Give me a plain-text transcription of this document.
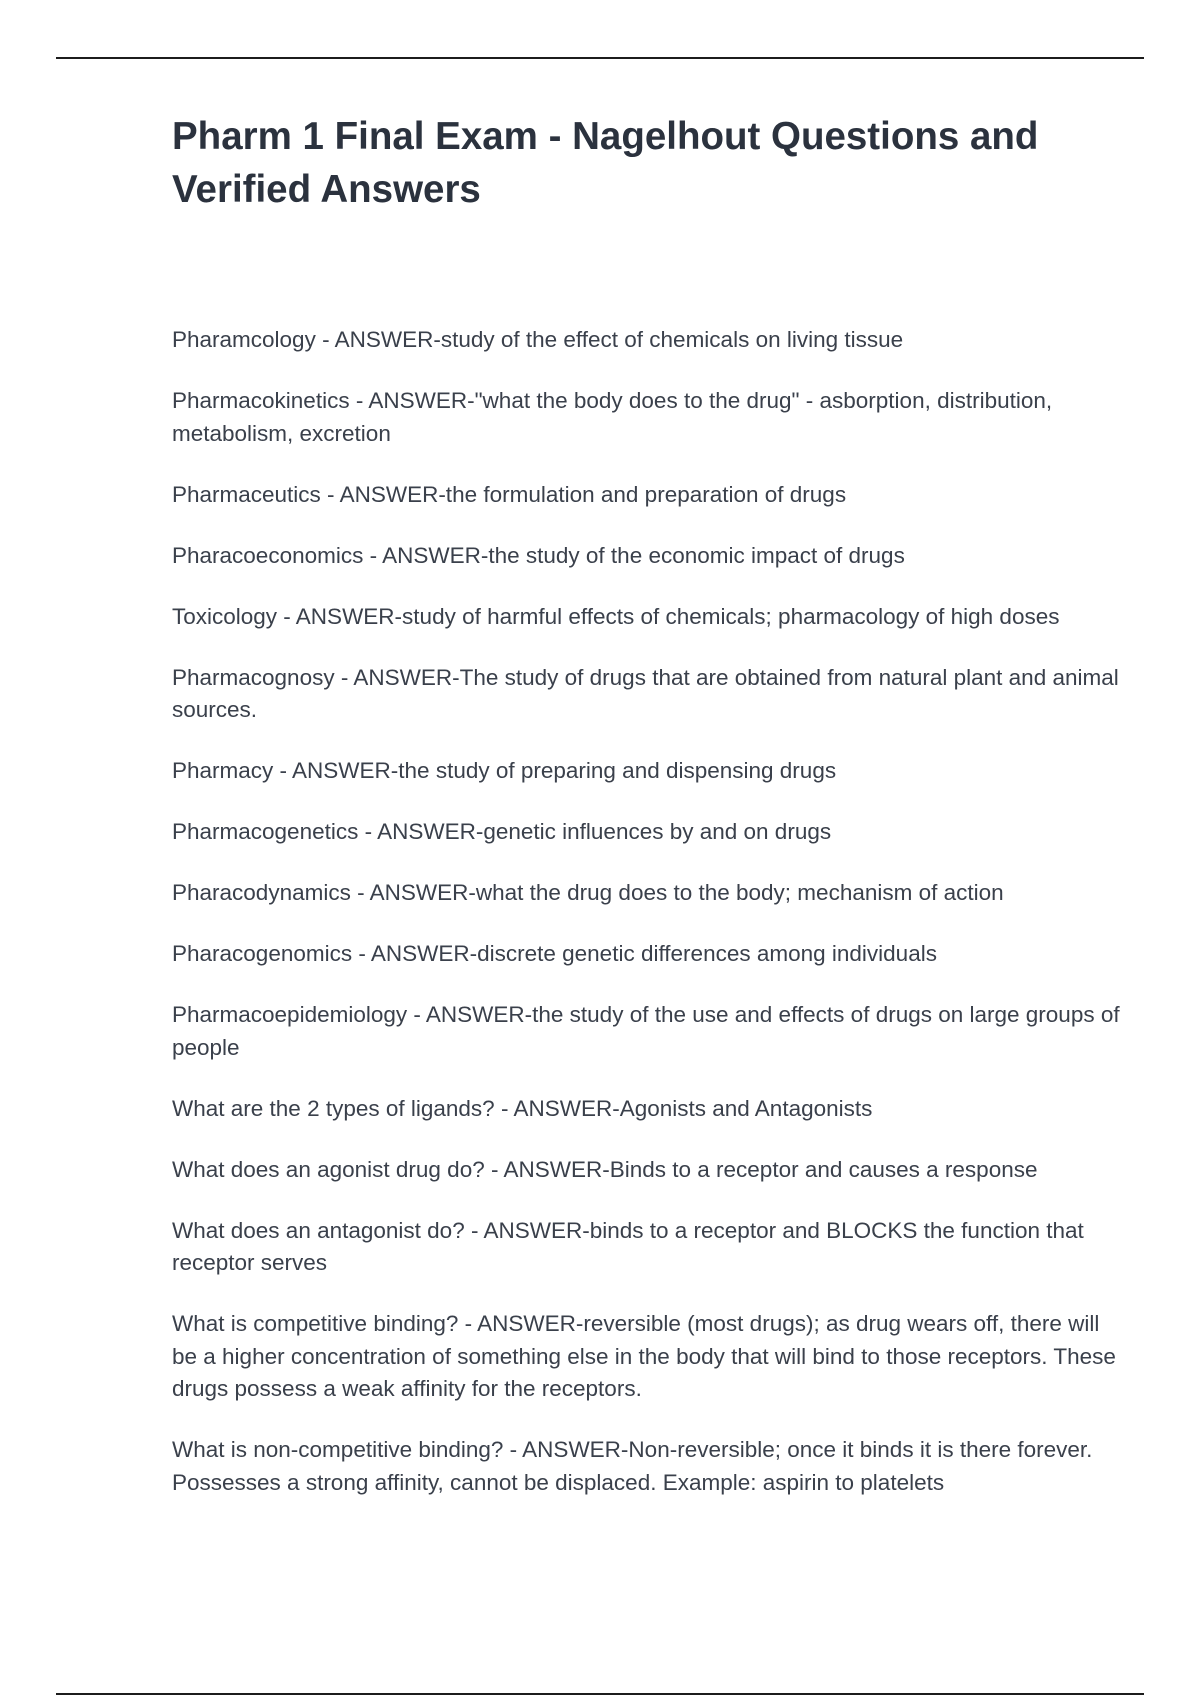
Pharm 1 Final Exam - Nagelhout Questions and Verified Answers
Pharamcology - ANSWER-study of the effect of chemicals on living tissue
Pharmacokinetics - ANSWER-"what the body does to the drug" - asborption, distribution, metabolism, excretion
Pharmaceutics - ANSWER-the formulation and preparation of drugs
Pharacoeconomics - ANSWER-the study of the economic impact of drugs
Toxicology - ANSWER-study of harmful effects of chemicals; pharmacology of high doses
Pharmacognosy - ANSWER-The study of drugs that are obtained from natural plant and animal sources.
Pharmacy - ANSWER-the study of preparing and dispensing drugs
Pharmacogenetics - ANSWER-genetic influences by and on drugs
Pharacodynamics - ANSWER-what the drug does to the body; mechanism of action
Pharacogenomics - ANSWER-discrete genetic differences among individuals
Pharmacoepidemiology - ANSWER-the study of the use and effects of drugs on large groups of people
What are the 2 types of ligands? - ANSWER-Agonists and Antagonists
What does an agonist drug do? - ANSWER-Binds to a receptor and causes a response
What does an antagonist do? - ANSWER-binds to a receptor and BLOCKS the function that receptor serves
What is competitive binding? - ANSWER-reversible (most drugs); as drug wears off, there will be a higher concentration of something else in the body that will bind to those receptors. These drugs possess a weak affinity for the receptors.
What is non-competitive binding? - ANSWER-Non-reversible; once it binds it is there forever. Possesses a strong affinity, cannot be displaced. Example: aspirin to platelets
